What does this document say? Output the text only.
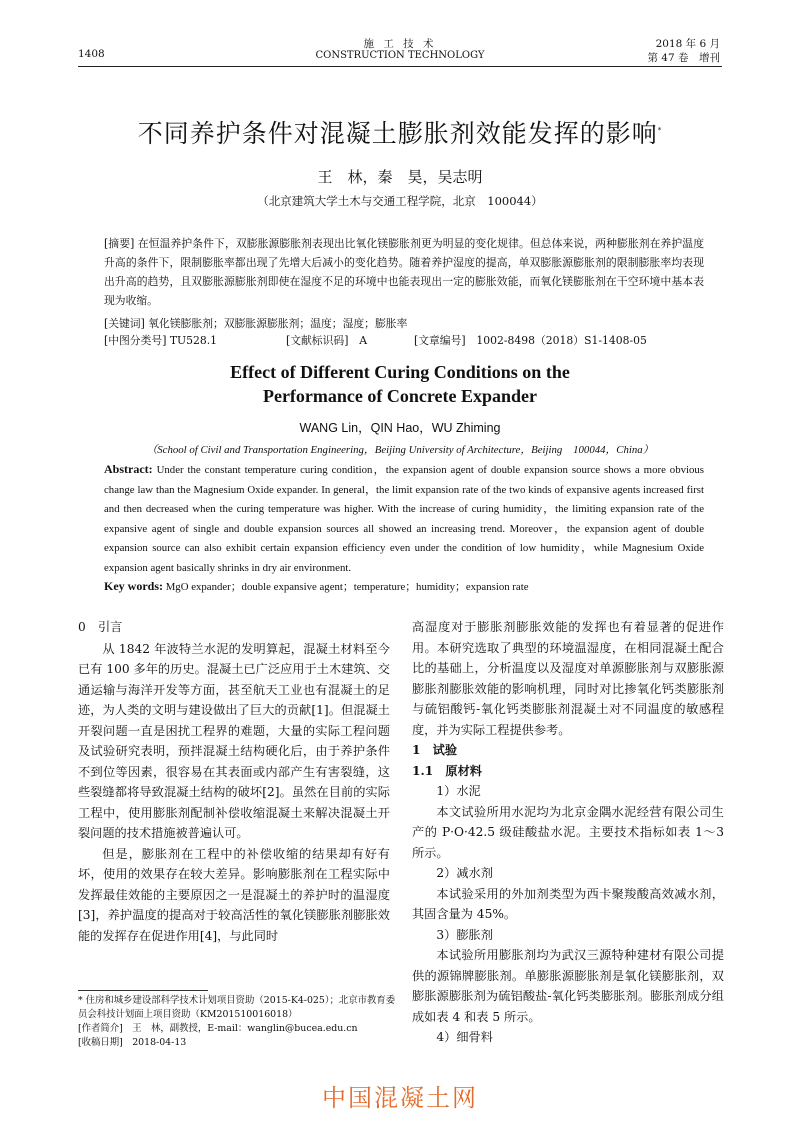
1408
施 工 技 术
CONSTRUCTION TECHNOLOGY
2018 年 6 月
第 47 卷　增刊
不同养护条件对混凝土膨胀剂效能发挥的影响*
王　林，秦　昊，吴志明
（北京建筑大学土木与交通工程学院，北京　100044）
[摘要] 在恒温养护条件下，双膨胀源膨胀剂表现出比氧化镁膨胀剂更为明显的变化规律。但总体来说，两种膨胀剂在养护温度升高的条件下，限制膨胀率都出现了先增大后减小的变化趋势。随着养护湿度的提高，单双膨胀源膨胀剂的限制膨胀率均表现出升高的趋势，且双膨胀源膨胀剂即使在湿度不足的环境中也能表现出一定的膨胀效能，而氧化镁膨胀剂在干空环境中基本表现为收缩。
[关键词] 氧化镁膨胀剂；双膨胀源膨胀剂；温度；湿度；膨胀率
[中图分类号] TU528.1	[文献标识码]　A	[文章编号]　1002-8498（2018）S1-1408-05
Effect of Different Curing Conditions on the
Performance of Concrete Expander
WANG Lin，QIN Hao，WU Zhiming
（School of Civil and Transportation Engineering，Beijing University of Architecture，Beijing　100044，China）
Abstract: Under the constant temperature curing condition，the expansion agent of double expansion source shows a more obvious change law than the Magnesium Oxide expander. In general，the limit expansion rate of the two kinds of expansive agents increased first and then decreased when the curing temperature was higher. With the increase of curing humidity，the limiting expansion rate of the expansive agent of single and double expansion sources all showed an increasing trend. Moreover，the expansion agent of double expansion source can also exhibit certain expansion efficiency even under the condition of low humidity，while Magnesium Oxide expansion agent basically shrinks in dry air environment.
Key words: MgO expander；double expansive agent；temperature；humidity；expansion rate

0　引言

从 1842 年波特兰水泥的发明算起，混凝土材料至今已有 100 多年的历史。混凝土已广泛应用于土木建筑、交通运输与海洋开发等方面，甚至航天工业也有混凝土的足迹，为人类的文明与建设做出了巨大的贡献[1]。但混凝土开裂问题一直是困扰工程界的难题，大量的实际工程问题及试验研究表明，预拌混凝土结构硬化后，由于养护条件不到位等因素，很容易在其表面或内部产生有害裂缝，这些裂缝都将导致混凝土结构的破坏[2]。虽然在目前的实际工程中，使用膨胀剂配制补偿收缩混凝土来解决混凝土开裂问题的技术措施被普遍认可。

但是，膨胀剂在工程中的补偿收缩的结果却有好有坏，使用的效果存在较大差异。影响膨胀剂在工程实际中发挥最佳效能的主要原因之一是混凝土的养护时的温湿度[3]，养护温度的提高对于较高活性的氧化镁膨胀剂膨胀效能的发挥存在促进作用[4]，与此同时

* 住房和城乡建设部科学技术计划项目资助（2015-K4-025）；北京市教育委员会科技计划面上项目资助（KM201510016018）
[作者简介]　王　林，副教授，E-mail：wanglin@bucea.edu.cn
[收稿日期]　2018-04-13

高湿度对于膨胀剂膨胀效能的发挥也有着显著的促进作用。本研究选取了典型的环境温湿度，在相同混凝土配合比的基础上，分析温度以及湿度对单源膨胀剂与双膨胀源膨胀剂膨胀效能的影响机理，同时对比掺氧化钙类膨胀剂与硫铝酸钙-氧化钙类膨胀剂混凝土对不同温度的敏感程度，并为实际工程提供参考。

1　试验

1.1　原材料

1）水泥

本文试验所用水泥均为北京金隅水泥经营有限公司生产的 P·O·42.5 级硅酸盐水泥。主要技术指标如表 1～3 所示。

2）减水剂

本试验采用的外加剂类型为西卡聚羧酸高效减水剂，其固含量为 45%。

3）膨胀剂

本试验所用膨胀剂均为武汉三源特种建材有限公司提供的源锦牌膨胀剂。单膨胀源膨胀剂是氧化镁膨胀剂，双膨胀源膨胀剂为硫铝酸盐-氧化钙类膨胀剂。膨胀剂成分组成如表 4 和表 5 所示。

4）细骨料

中国混凝土网
